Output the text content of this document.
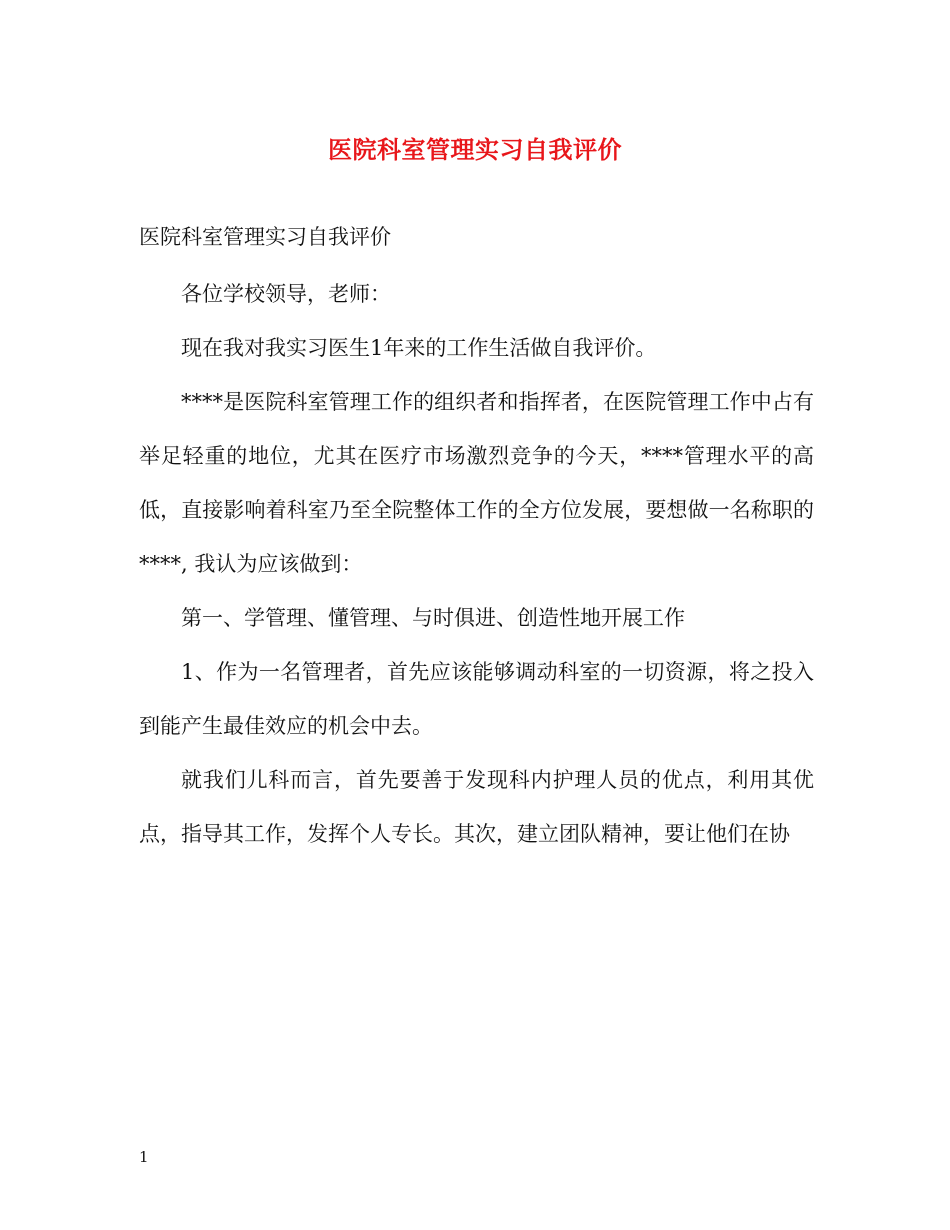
医院科室管理实习自我评价

医院科室管理实习自我评价

各位学校领导，老师：

现在我对我实习医生1年来的工作生活做自我评价。

****是医院科室管理工作的组织者和指挥者，在医院管理工作中占有举足轻重的地位，尤其在医疗市场激烈竞争的今天，****管理水平的高低，直接影响着科室乃至全院整体工作的全方位发展，要想做一名称职的****, 我认为应该做到：

第一、学管理、懂管理、与时俱进、创造性地开展工作

1、作为一名管理者，首先应该能够调动科室的一切资源，将之投入到能产生最佳效应的机会中去。

就我们儿科而言，首先要善于发现科内护理人员的优点，利用其优点，指导其工作，发挥个人专长。其次，建立团队精神，要让他们在协

1
